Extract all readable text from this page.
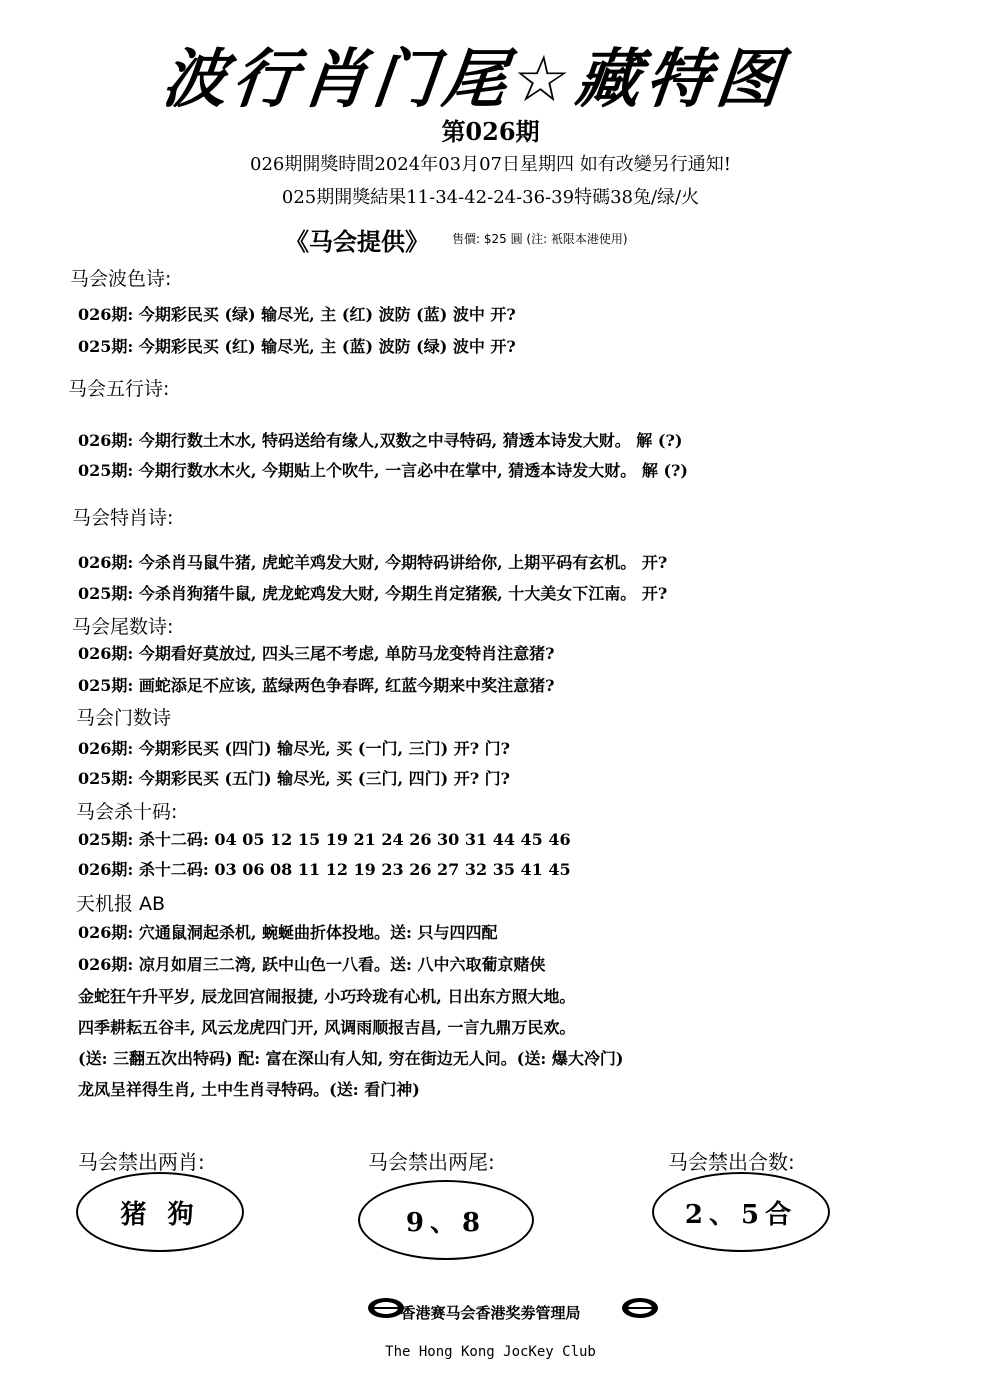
波行肖门尾☆藏特图
第026期
026期開獎時間2024年03月07日星期四 如有改變另行通知!
025期開獎結果11-34-42-24-36-39特碼38兔/绿/火
《马会提供》 售價: $25 圓 (注: 衹限本港使用)
马会波色诗:
026期: 今期彩民买 (绿) 输尽光, 主 (红) 波防 (蓝) 波中 开?
025期: 今期彩民买 (红) 输尽光, 主 (蓝) 波防 (绿) 波中 开?
马会五行诗:
026期: 今期行数土木水, 特码送给有缘人,双数之中寻特码, 猜透本诗发大财。 解 (?)
025期: 今期行数水木火, 今期贴上个吹牛, 一言必中在掌中, 猜透本诗发大财。 解 (?)
马会特肖诗:
026期: 今杀肖马鼠牛猪, 虎蛇羊鸡发大财, 今期特码讲给你, 上期平码有玄机。 开?
025期: 今杀肖狗猪牛鼠, 虎龙蛇鸡发大财, 今期生肖定猪猴, 十大美女下江南。 开?
马会尾数诗:
026期: 今期看好莫放过, 四头三尾不考虑, 单防马龙变特肖注意猪?
025期: 画蛇添足不应该, 蓝绿两色争春晖, 红蓝今期来中奖注意猪?
马会门数诗
026期: 今期彩民买 (四门) 输尽光, 买 (一门, 三门) 开? 门?
025期: 今期彩民买 (五门) 输尽光, 买 (三门, 四门) 开? 门?
马会杀十码:
025期: 杀十二码: 04 05 12 15 19 21 24 26 30 31 44 45 46
026期: 杀十二码: 03 06 08 11 12 19 23 26 27 32 35 41 45
天机报 AB
026期: 穴通鼠洞起杀机, 蜿蜒曲折体投地。送: 只与四四配
026期: 凉月如眉三二湾, 跃中山色一八看。送: 八中六取葡京赌侠
金蛇狂午升平岁, 辰龙回宫闹报捷, 小巧玲珑有心机, 日出东方照大地。
四季耕耘五谷丰, 风云龙虎四门开, 风调雨顺报吉昌, 一言九鼎万民欢。
(送: 三翻五次出特码) 配: 富在深山有人知, 穷在街边无人问。(送: 爆大冷门)
龙凤呈祥得生肖, 土中生肖寻特码。(送: 看门神)
马会禁出两肖:
猪 狗
马会禁出两尾:
9、8
马会禁出合数:
2、5合
香港赛马会香港奖劵管理局
The Hong Kong JocKey Club
